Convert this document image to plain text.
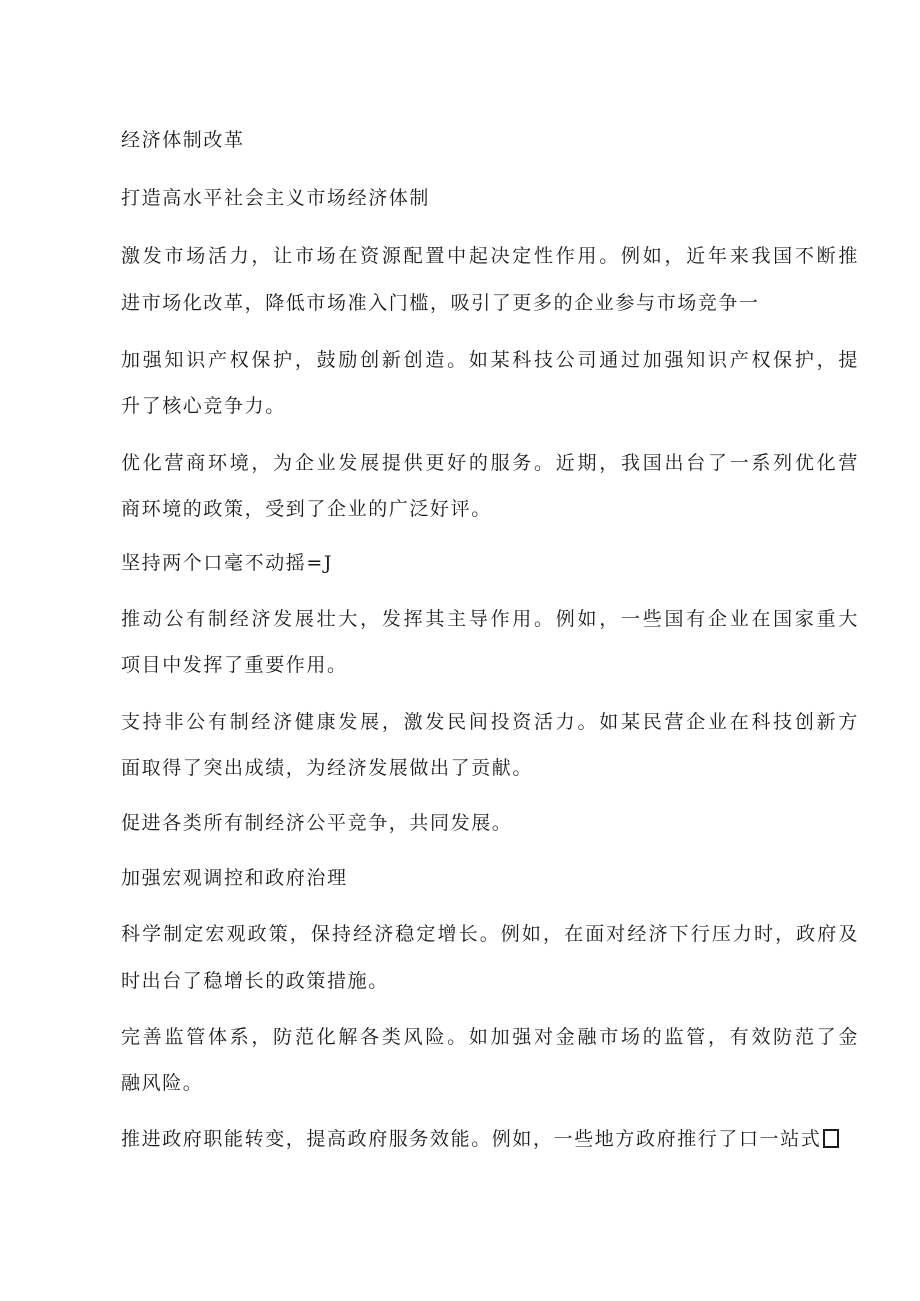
经济体制改革
打造高水平社会主义市场经济体制
激发市场活力，让市场在资源配置中起决定性作用。例如，近年来我国不断推
进市场化改革，降低市场准入门槛，吸引了更多的企业参与市场竞争一
加强知识产权保护，鼓励创新创造。如某科技公司通过加强知识产权保护，提
升了核心竞争力。
优化营商环境，为企业发展提供更好的服务。近期，我国出台了一系列优化营
商环境的政策，受到了企业的广泛好评。
坚持两个口毫不动摇=J
推动公有制经济发展壮大，发挥其主导作用。例如，一些国有企业在国家重大
项目中发挥了重要作用。
支持非公有制经济健康发展，激发民间投资活力。如某民营企业在科技创新方
面取得了突出成绩，为经济发展做出了贡献。
促进各类所有制经济公平竞争，共同发展。
加强宏观调控和政府治理
科学制定宏观政策，保持经济稳定增长。例如，在面对经济下行压力时，政府及
时出台了稳增长的政策措施。
完善监管体系，防范化解各类风险。如加强对金融市场的监管，有效防范了金
融风险。
推进政府职能转变，提高政府服务效能。例如，一些地方政府推行了口一站式
